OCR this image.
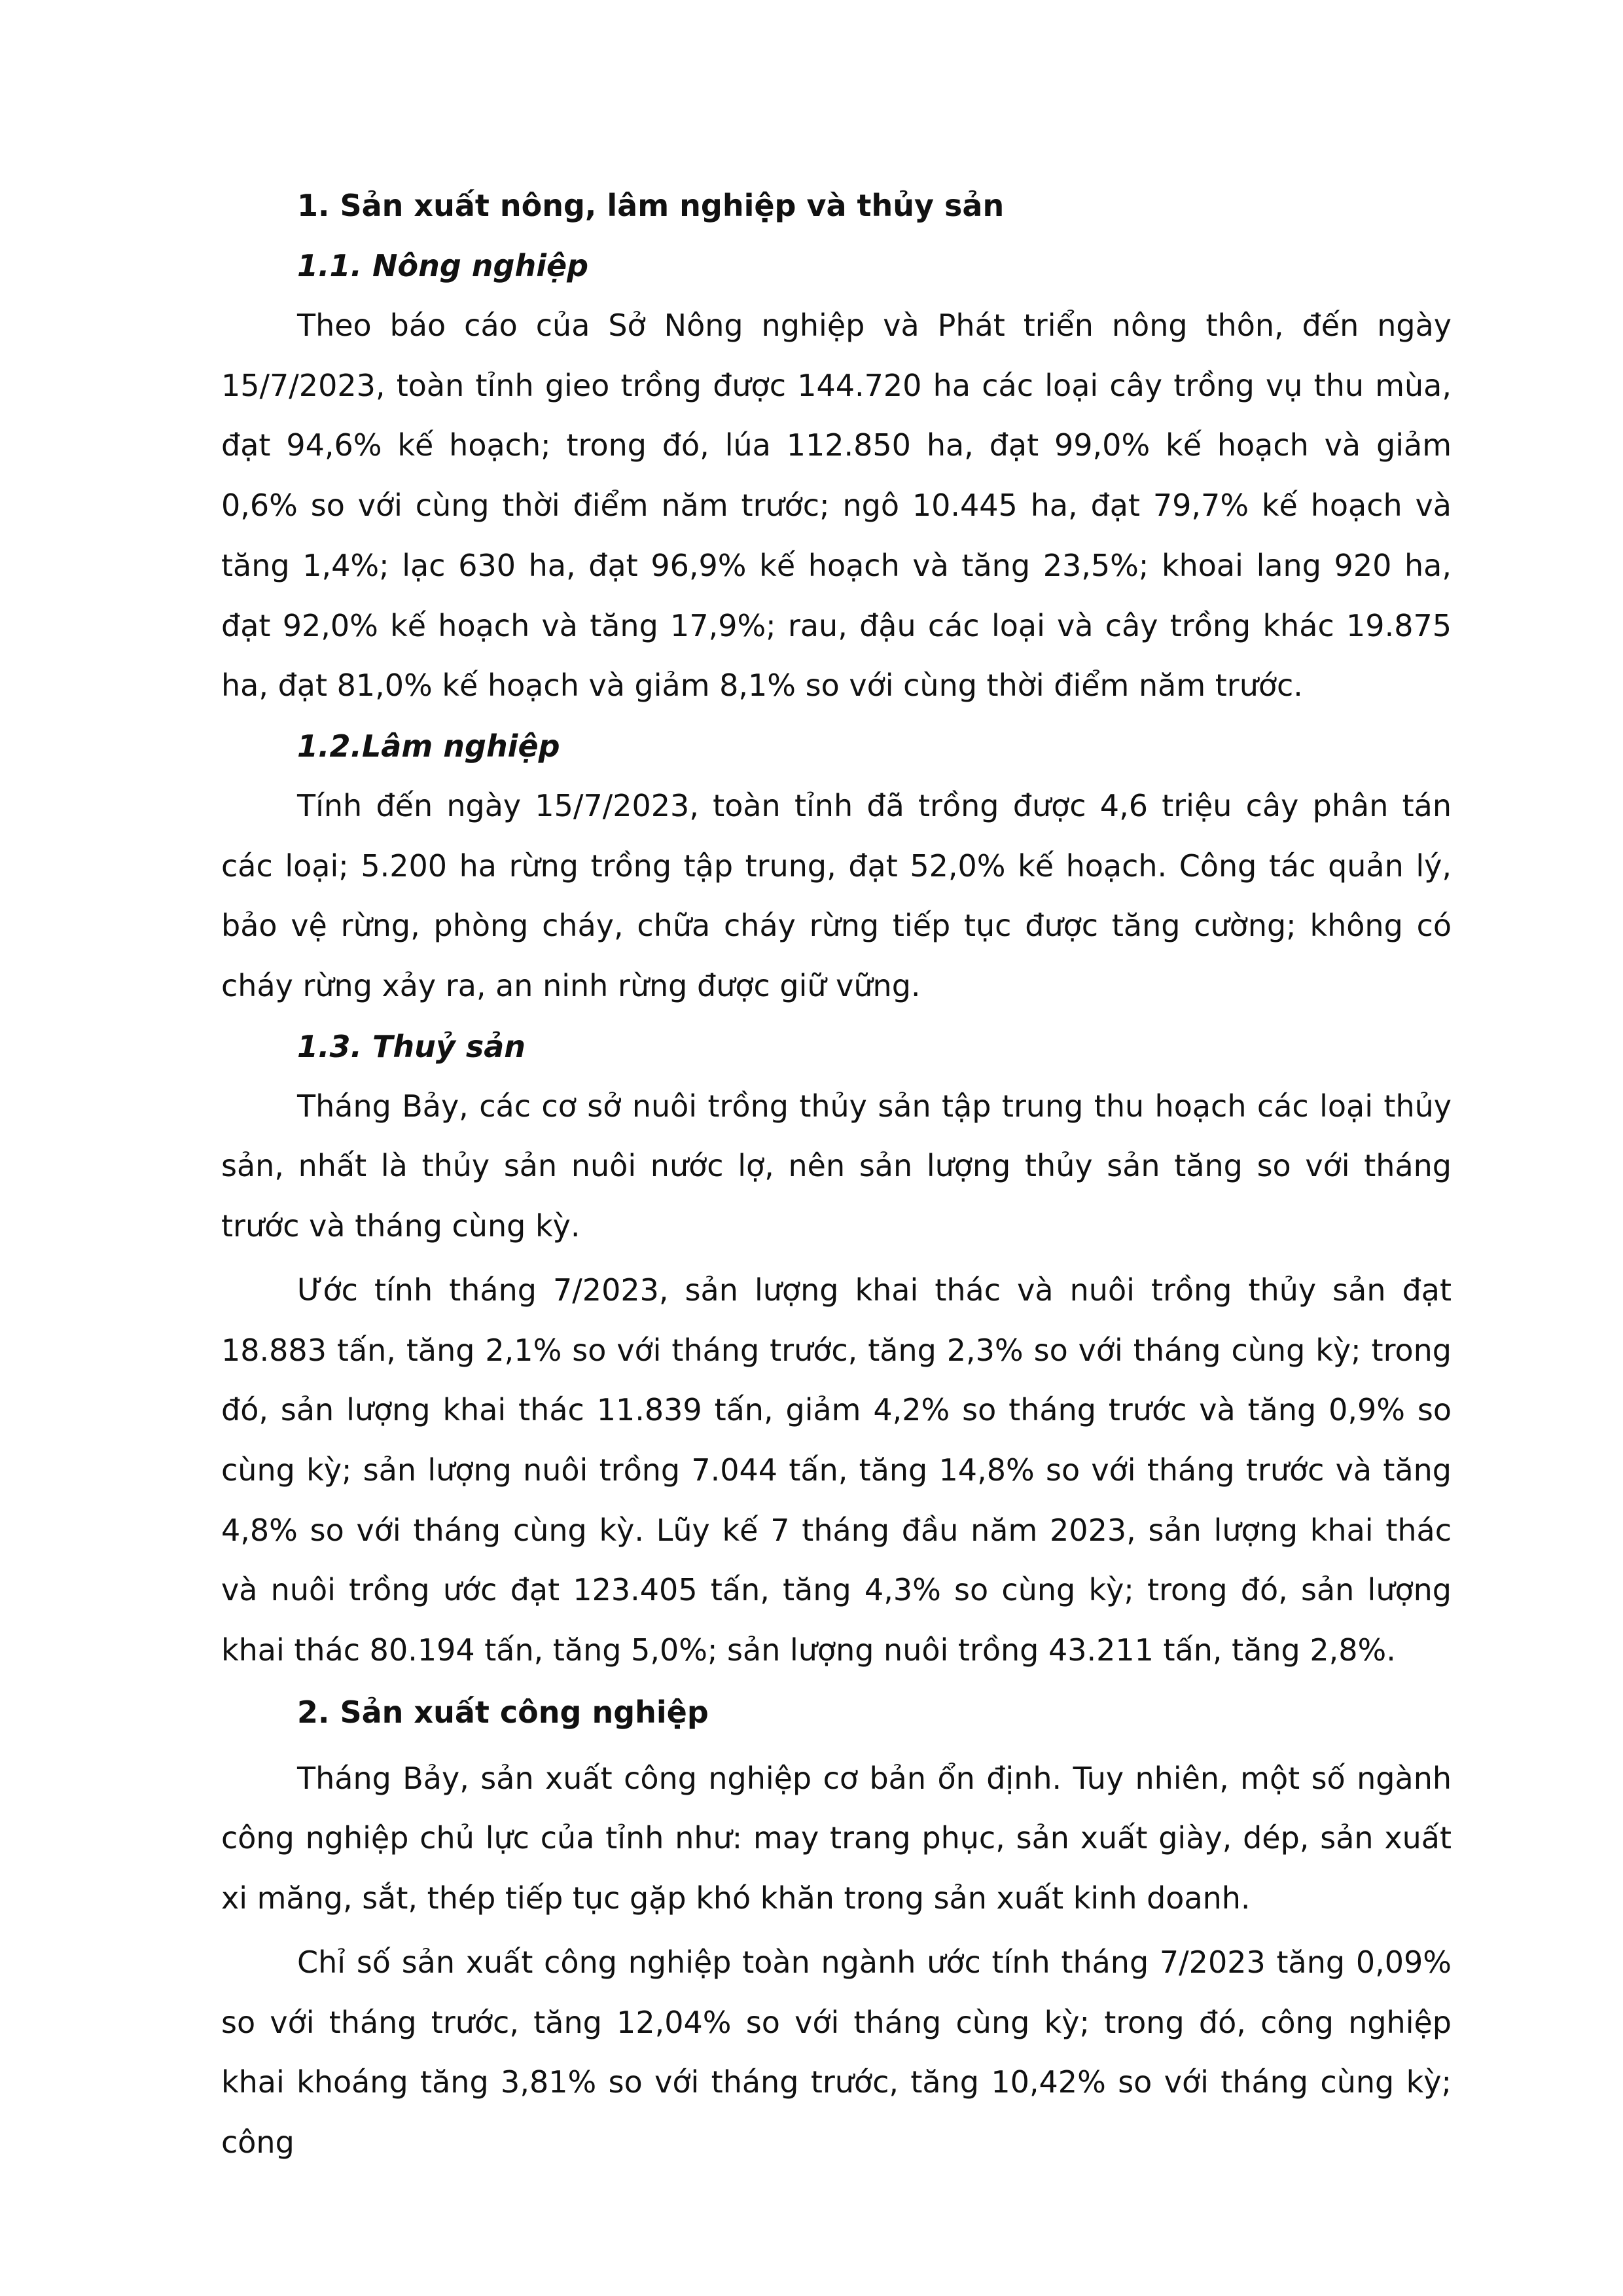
1. Sản xuất nông, lâm nghiệp và thủy sản
1.1. Nông nghiệp

Theo báo cáo của Sở Nông nghiệp và Phát triển nông thôn, đến ngày 15/7/2023, toàn tỉnh gieo trồng được 144.720 ha các loại cây trồng vụ thu mùa, đạt 94,6% kế hoạch; trong đó, lúa 112.850 ha, đạt 99,0% kế hoạch và giảm 0,6% so với cùng thời điểm năm trước; ngô 10.445 ha, đạt 79,7% kế hoạch và tăng 1,4%; lạc 630 ha, đạt 96,9% kế hoạch và tăng 23,5%; khoai lang 920 ha, đạt 92,0% kế hoạch và tăng 17,9%; rau, đậu các loại và cây trồng khác 19.875 ha, đạt 81,0% kế hoạch và giảm 8,1% so với cùng thời điểm năm trước.

1.2.Lâm nghiệp

Tính đến ngày 15/7/2023, toàn tỉnh đã trồng được 4,6 triệu cây phân tán các loại; 5.200 ha rừng trồng tập trung, đạt 52,0% kế hoạch. Công tác quản lý, bảo vệ rừng, phòng cháy, chữa cháy rừng tiếp tục được tăng cường; không có cháy rừng xảy ra, an ninh rừng được giữ vững.

1.3. Thuỷ sản

Tháng Bảy, các cơ sở nuôi trồng thủy sản tập trung thu hoạch các loại thủy sản, nhất là thủy sản nuôi nước lợ, nên sản lượng thủy sản tăng so với tháng trước và tháng cùng kỳ.

Ước tính tháng 7/2023, sản lượng khai thác và nuôi trồng thủy sản đạt 18.883 tấn, tăng 2,1% so với tháng trước, tăng 2,3% so với tháng cùng kỳ; trong đó, sản lượng khai thác 11.839 tấn, giảm 4,2% so tháng trước và tăng 0,9% so cùng kỳ; sản lượng nuôi trồng 7.044 tấn, tăng 14,8% so với tháng trước và tăng 4,8% so với tháng cùng kỳ. Lũy kế 7 tháng đầu năm 2023, sản lượng khai thác và nuôi trồng ước đạt 123.405 tấn, tăng 4,3% so cùng kỳ; trong đó, sản lượng khai thác 80.194 tấn, tăng 5,0%; sản lượng nuôi trồng 43.211 tấn, tăng 2,8%.

2. Sản xuất công nghiệp

Tháng Bảy, sản xuất công nghiệp cơ bản ổn định. Tuy nhiên, một số ngành công nghiệp chủ lực của tỉnh như: may trang phục, sản xuất giày, dép, sản xuất xi măng, sắt, thép tiếp tục gặp khó khăn trong sản xuất kinh doanh.

Chỉ số sản xuất công nghiệp toàn ngành ước tính tháng 7/2023 tăng 0,09% so với tháng trước, tăng 12,04% so với tháng cùng kỳ; trong đó, công nghiệp khai khoáng tăng 3,81% so với tháng trước, tăng 10,42% so với tháng cùng kỳ; công
